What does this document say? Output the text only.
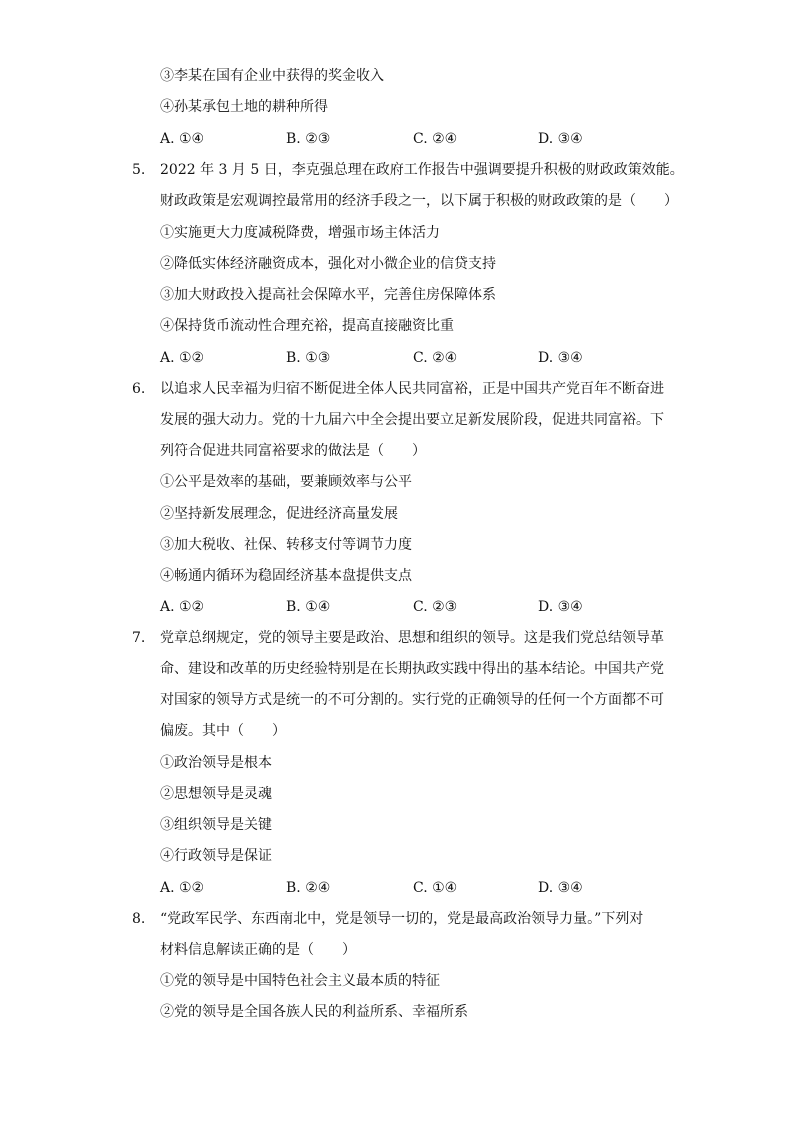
③李某在国有企业中获得的奖金收入
④孙某承包土地的耕种所得
A. ①④	B. ②③	C. ②④	D. ③④
5. 2022 年 3 月 5 日，李克强总理在政府工作报告中强调要提升积极的财政政策效能。
财政政策是宏观调控最常用的经济手段之一，以下属于积极的财政政策的是（　　）
①实施更大力度减税降费，增强市场主体活力
②降低实体经济融资成本，强化对小微企业的信贷支持
③加大财政投入提高社会保障水平，完善住房保障体系
④保持货币流动性合理充裕，提高直接融资比重
A. ①②	B. ①③	C. ②④	D. ③④
6. 以追求人民幸福为归宿不断促进全体人民共同富裕，正是中国共产党百年不断奋进
发展的强大动力。党的十九届六中全会提出要立足新发展阶段，促进共同富裕。下
列符合促进共同富裕要求的做法是（　　）
①公平是效率的基础，要兼顾效率与公平
②坚持新发展理念，促进经济高量发展
③加大税收、社保、转移支付等调节力度
④畅通内循环为稳固经济基本盘提供支点
A. ①②	B. ①④	C. ②③	D. ③④
7. 党章总纲规定，党的领导主要是政治、思想和组织的领导。这是我们党总结领导革
命、建设和改革的历史经验特别是在长期执政实践中得出的基本结论。中国共产党
对国家的领导方式是统一的不可分割的。实行党的正确领导的任何一个方面都不可
偏废。其中（　　）
①政治领导是根本
②思想领导是灵魂
③组织领导是关键
④行政领导是保证
A. ①②	B. ②④	C. ①④	D. ③④
8. “党政军民学、东西南北中，党是领导一切的，党是最高政治领导力量。”下列对
材料信息解读正确的是（　　）
①党的领导是中国特色社会主义最本质的特征
②党的领导是全国各族人民的利益所系、幸福所系
